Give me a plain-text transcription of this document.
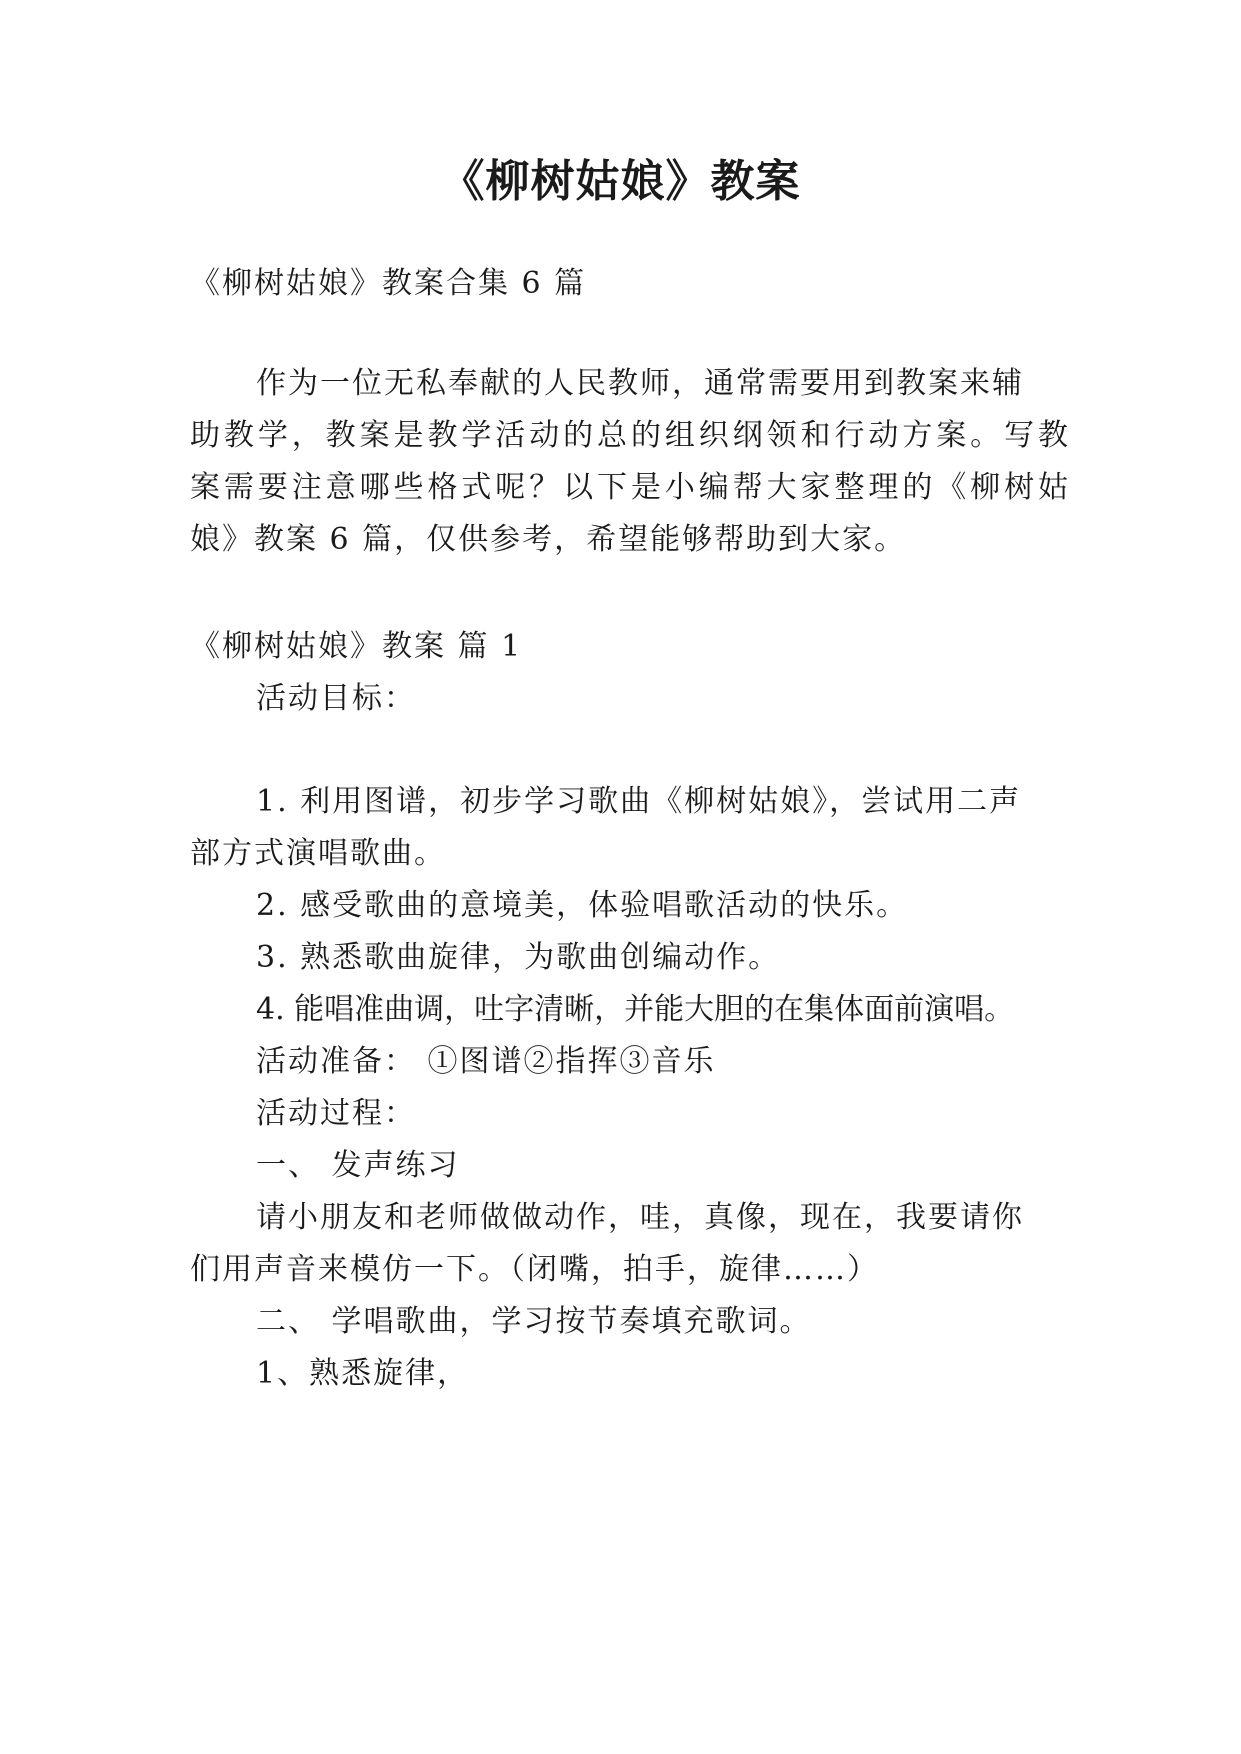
《柳树姑娘》教案
《柳树姑娘》教案合集 6 篇
作为一位无私奉献的人民教师，通常需要用到教案来辅
助教学，教案是教学活动的总的组织纲领和行动方案。写教
案需要注意哪些格式呢？以下是小编帮大家整理的《柳树姑
娘》教案 6 篇，仅供参考，希望能够帮助到大家。
《柳树姑娘》教案 篇 1
活动目标：
1. 利用图谱，初步学习歌曲《柳树姑娘》，尝试用二声
部方式演唱歌曲。
2. 感受歌曲的意境美，体验唱歌活动的快乐。
3. 熟悉歌曲旋律，为歌曲创编动作。
4. 能唱准曲调，吐字清晰，并能大胆的在集体面前演唱。
活动准备： ①图谱②指挥③音乐
活动过程：
一、 发声练习
请小朋友和老师做做动作，哇，真像，现在，我要请你
们用声音来模仿一下。（闭嘴，拍手，旋律……）
二、 学唱歌曲，学习按节奏填充歌词。
1、熟悉旋律，
